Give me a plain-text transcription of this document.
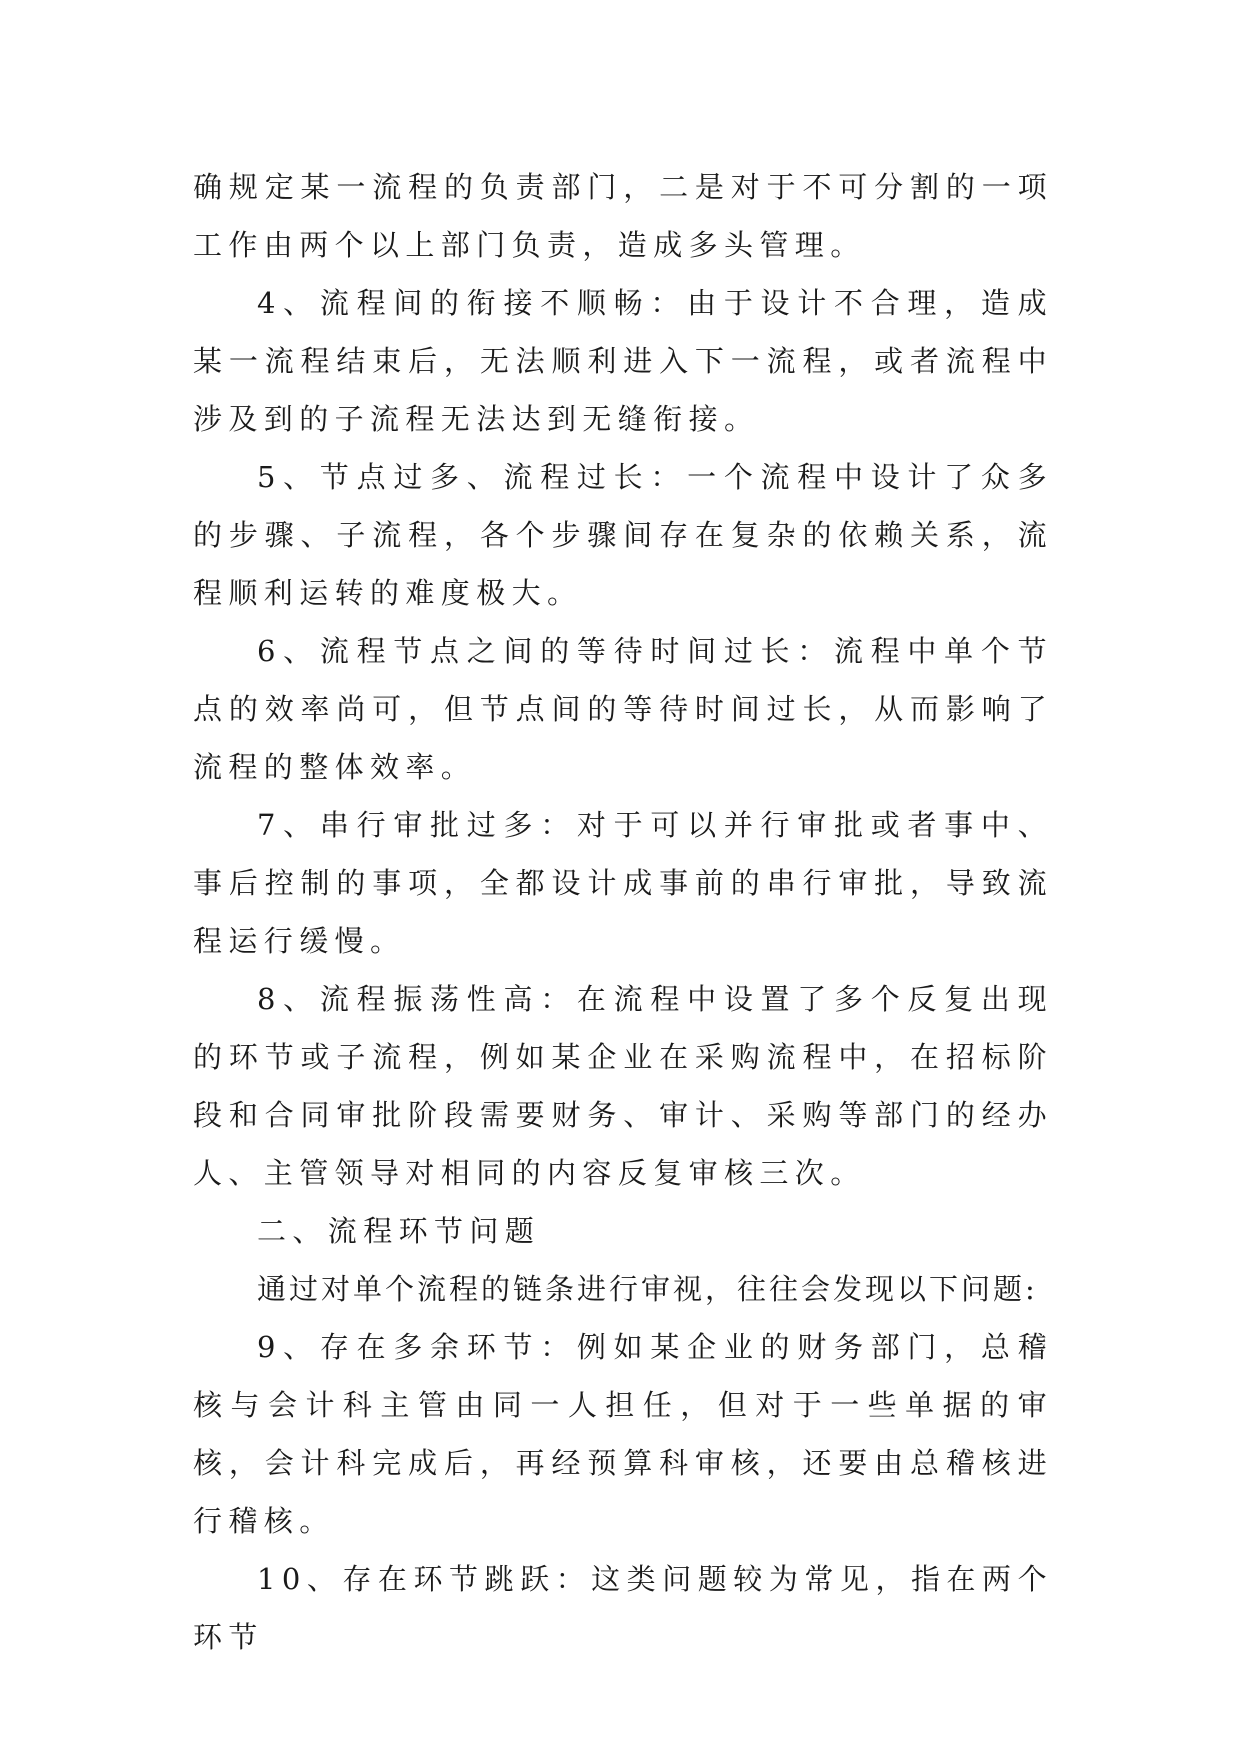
确规定某一流程的负责部门，二是对于不可分割的一项工作由两个以上部门负责，造成多头管理。

4、流程间的衔接不顺畅：由于设计不合理，造成某一流程结束后，无法顺利进入下一流程，或者流程中涉及到的子流程无法达到无缝衔接。

5、节点过多、流程过长：一个流程中设计了众多的步骤、子流程，各个步骤间存在复杂的依赖关系，流程顺利运转的难度极大。

6、流程节点之间的等待时间过长：流程中单个节点的效率尚可，但节点间的等待时间过长，从而影响了流程的整体效率。

7、串行审批过多：对于可以并行审批或者事中、事后控制的事项，全都设计成事前的串行审批，导致流程运行缓慢。

8、流程振荡性高：在流程中设置了多个反复出现的环节或子流程，例如某企业在采购流程中，在招标阶段和合同审批阶段需要财务、审计、采购等部门的经办人、主管领导对相同的内容反复审核三次。

二、流程环节问题

通过对单个流程的链条进行审视，往往会发现以下问题:

9、存在多余环节：例如某企业的财务部门，总稽核与会计科主管由同一人担任，但对于一些单据的审核，会计科完成后，再经预算科审核，还要由总稽核进行稽核。

10、存在环节跳跃：这类问题较为常见，指在两个环节
